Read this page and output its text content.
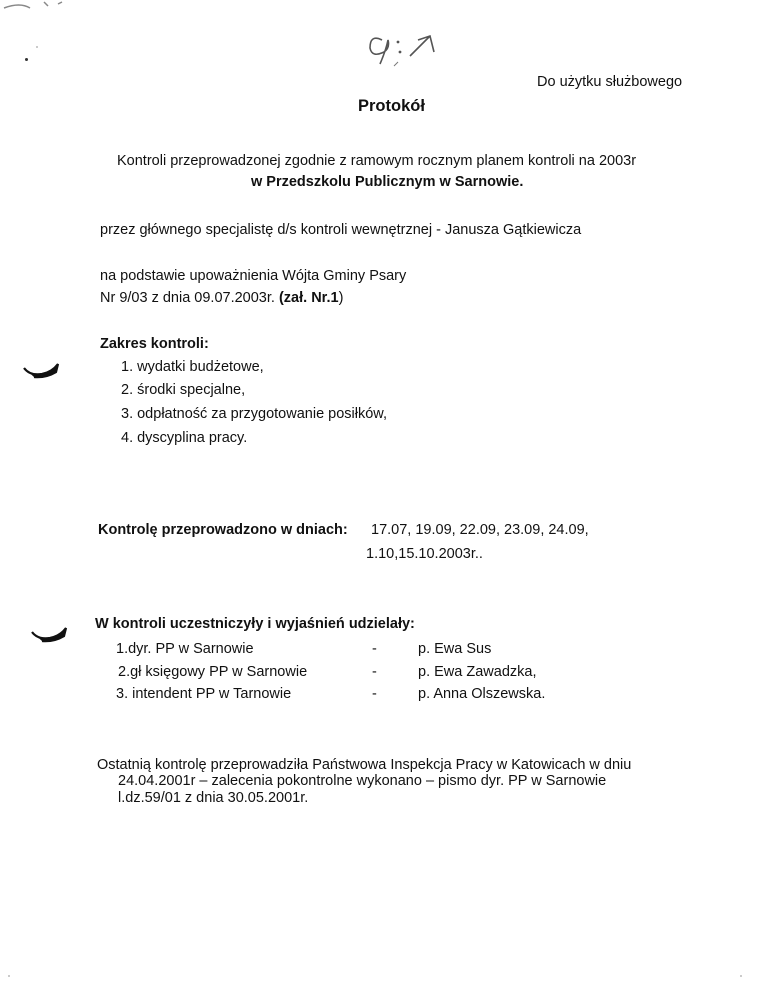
Do użytku służbowego
Protokół
Kontroli przeprowadzonej zgodnie z ramowym rocznym planem kontroli na 2003r
w Przedszkolu Publicznym w Sarnowie.
przez głównego specjalistę d/s kontroli wewnętrznej - Janusza Gątkiewicza
na podstawie upoważnienia Wójta Gminy Psary
Nr 9/03 z dnia 09.07.2003r. (zał. Nr.1)
Zakres kontroli:
1. wydatki budżetowe,
2. środki specjalne,
3. odpłatność za przygotowanie posiłków,
4. dyscyplina pracy.
Kontrolę przeprowadzono w dniach: 17.07, 19.09, 22.09, 23.09, 24.09,
1.10,15.10.2003r..
W kontroli uczestniczyły i wyjaśnień udzielały:
1.dyr. PP w Sarnowie	-	p. Ewa Sus
2.gł księgowy PP w Sarnowie	-	p. Ewa Zawadzka,
3. intendent PP w Tarnowie	-	p. Anna Olszewska.
Ostatnią kontrolę przeprowadziła Państwowa Inspekcja Pracy w Katowicach w dniu
24.04.2001r – zalecenia pokontrolne wykonano – pismo dyr. PP w Sarnowie
l.dz.59/01 z dnia 30.05.2001r.
